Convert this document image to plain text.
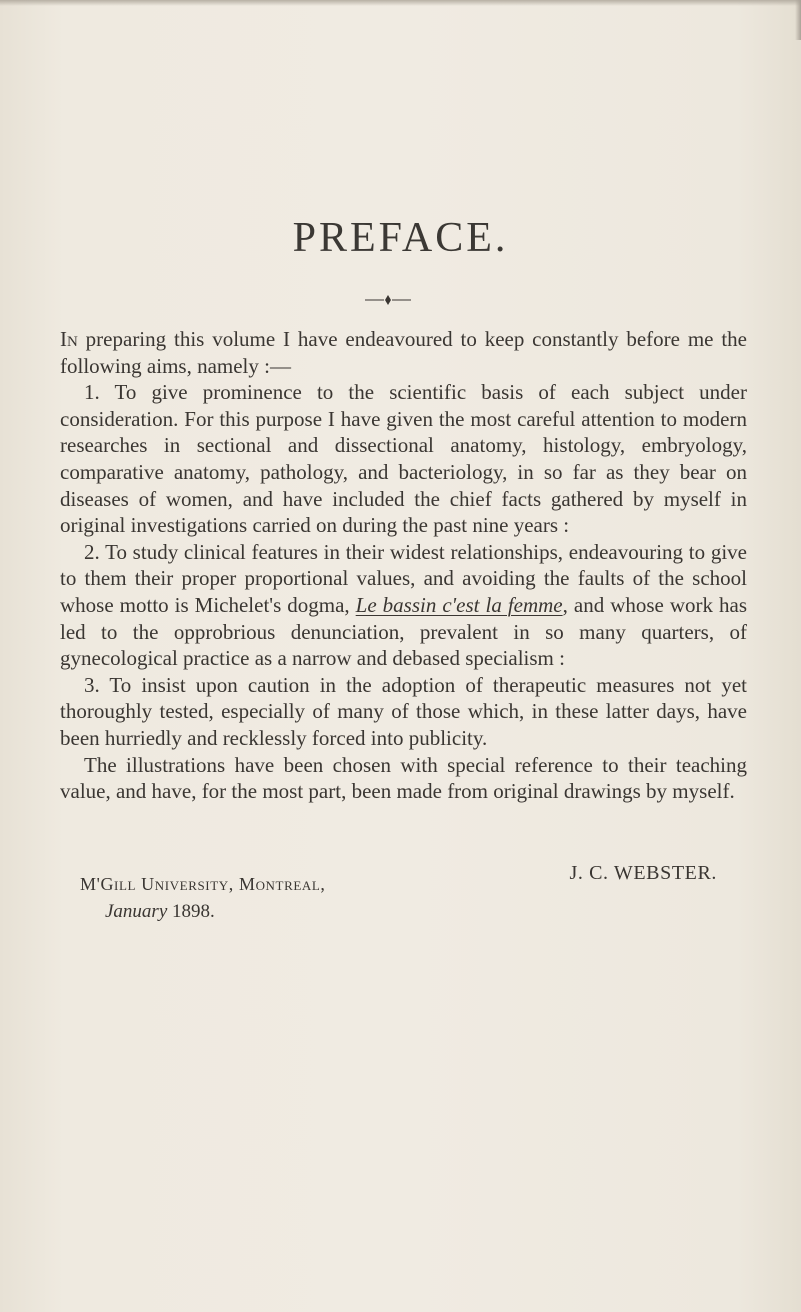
PREFACE.

In preparing this volume I have endeavoured to keep constantly before me the following aims, namely :—

1. To give prominence to the scientific basis of each subject under consideration. For this purpose I have given the most careful attention to modern researches in sectional and dissectional anatomy, histology, embryology, comparative anatomy, pathology, and bacteriology, in so far as they bear on diseases of women, and have included the chief facts gathered by myself in original investigations carried on during the past nine years :

2. To study clinical features in their widest relationships, endeavouring to give to them their proper proportional values, and avoiding the faults of the school whose motto is Michelet's dogma, Le bassin c'est la femme, and whose work has led to the opprobrious denunciation, prevalent in so many quarters, of gynecological practice as a narrow and debased specialism :

3. To insist upon caution in the adoption of therapeutic measures not yet thoroughly tested, especially of many of those which, in these latter days, have been hurriedly and recklessly forced into publicity.

The illustrations have been chosen with special reference to their teaching value, and have, for the most part, been made from original drawings by myself.

J. C. WEBSTER.
M'Gill University, Montreal,
January 1898.
